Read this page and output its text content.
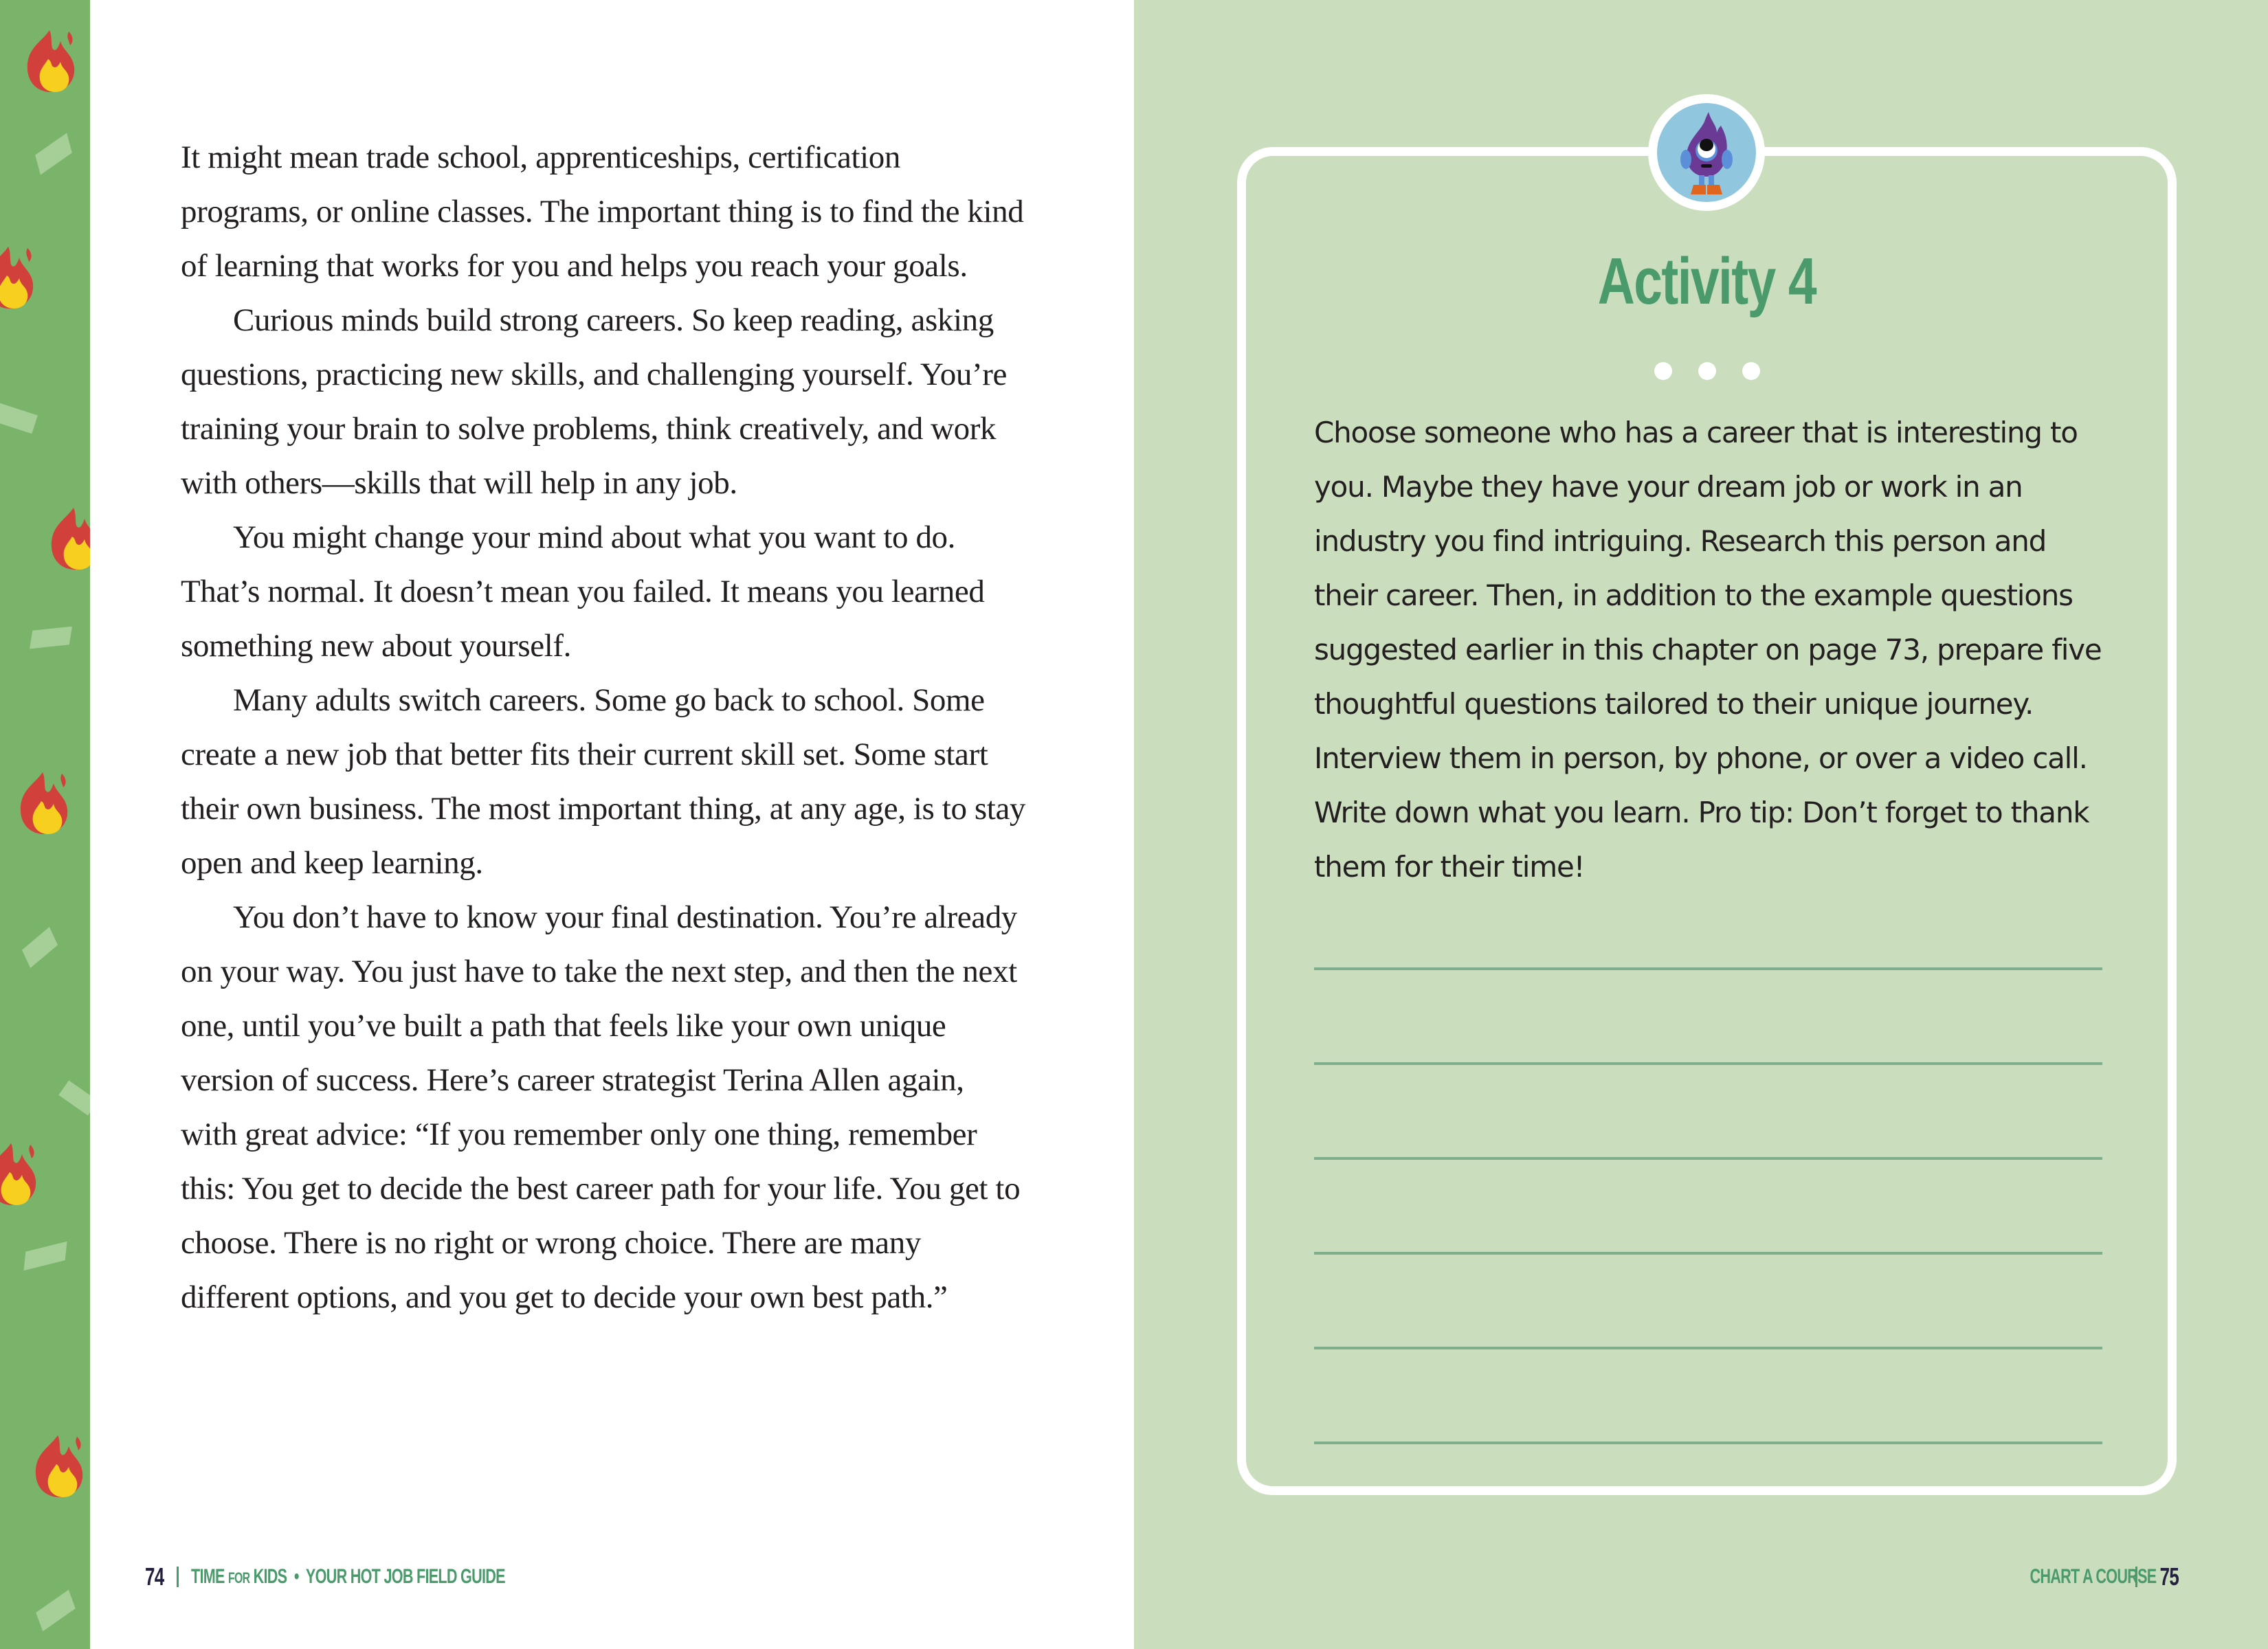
It might mean trade school, apprenticeships, certification programs, or online classes. The important thing is to find the kind of learning that works for you and helps you reach your goals.

Curious minds build strong careers. So keep reading, asking questions, practicing new skills, and challenging yourself. You’re training your brain to solve problems, think creatively, and work with others—skills that will help in any job.

You might change your mind about what you want to do. That’s normal. It doesn’t mean you failed. It means you learned something new about yourself.

Many adults switch careers. Some go back to school. Some create a new job that better fits their current skill set. Some start their own business. The most important thing, at any age, is to stay open and keep learning.

You don’t have to know your final destination. You’re already on your way. You just have to take the next step, and then the next one, until you’ve built a path that feels like your own unique version of success. Here’s career strategist Terina Allen again, with great advice: “If you remember only one thing, remember this: You get to decide the best career path for your life. You get to choose. There is no right or wrong choice. There are many different options, and you get to decide your own best path.”

74 TIME FOR KIDS • YOUR HOT JOB FIELD GUIDE
Activity 4

Choose someone who has a career that is interesting to you. Maybe they have your dream job or work in an industry you find intriguing. Research this person and their career. Then, in addition to the example questions suggested earlier in this chapter on page 73, prepare five thoughtful questions tailored to their unique journey. Interview them in person, by phone, or over a video call. Write down what you learn. Pro tip: Don’t forget to thank them for their time!

CHART A COURSE 75
